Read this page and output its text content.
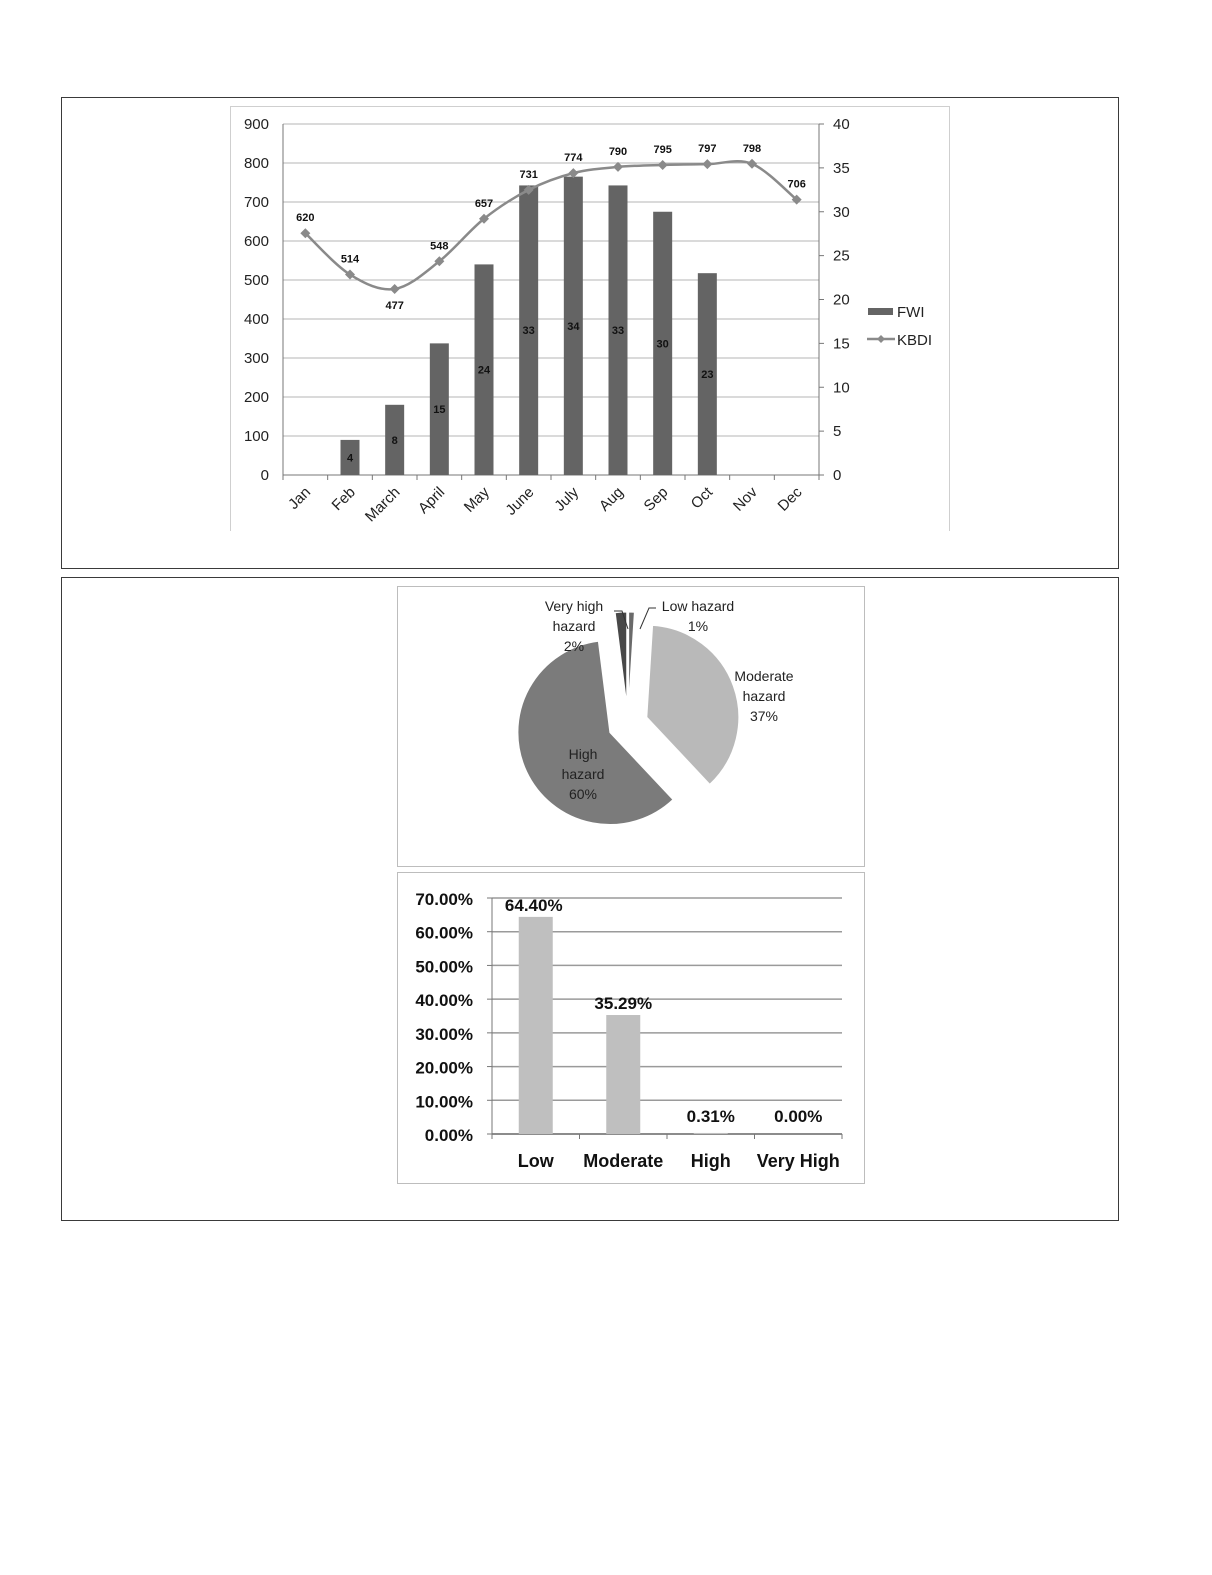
0
100
200
300
400
500
600
700
800
900
0
5
10
15
20
25
30
35
40
4
8
15
24
33	34	33
30
23
620
514
477
548
657
731
774
790 795 797 798
706
Jan Feb March April May June July Aug Sep Oct Nov Dec
FWI
KBDI
Low hazard
1%
Moderate
hazard
37%
High
hazard
60%
Very high
hazard
2%
0.00%
10.00%
20.00%
30.00%
40.00%
50.00%
60.00%
70.00% 64.40%
Low
35.29%
Moderate
0.31%
High
0.00%
Very High
